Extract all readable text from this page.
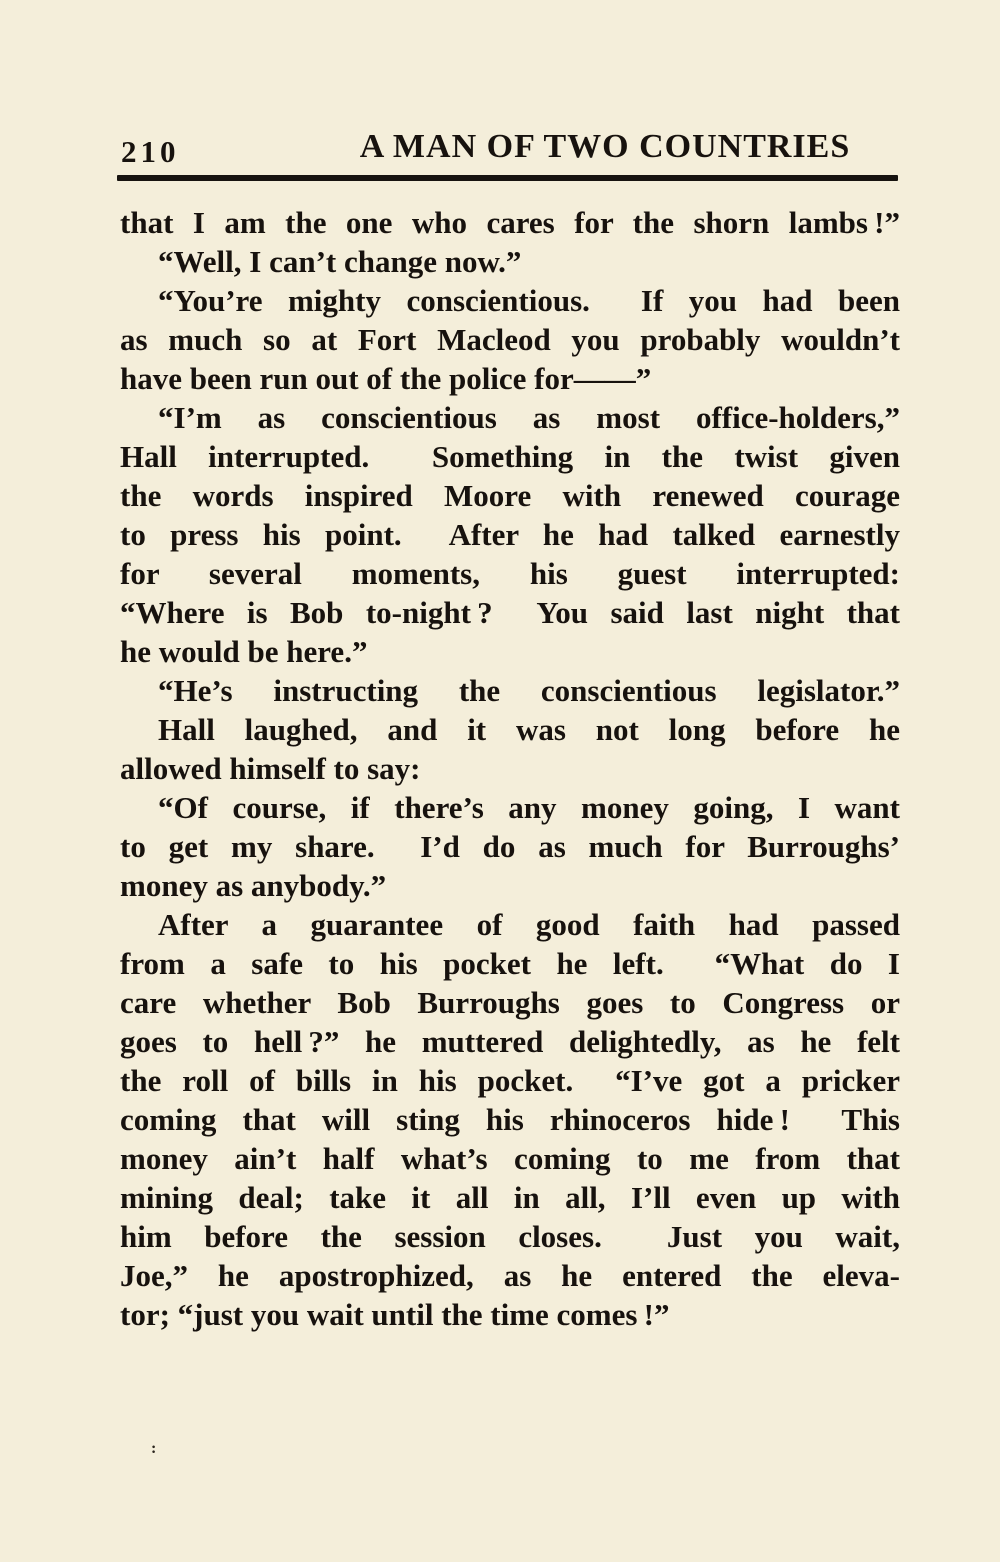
210	A MAN OF TWO COUNTRIES
that I am the one who cares for the shorn lambs !”
“Well, I can’t change now.”
“You’re mighty conscientious.  If you had been
as much so at Fort Macleod you probably wouldn’t
have been run out of the police for——”
“I’m as conscientious as most office-holders,”
Hall interrupted.  Something in the twist given
the words inspired Moore with renewed courage
to press his point.  After he had talked earnestly
for several moments, his guest interrupted:
“Where is Bob to-night ?  You said last night that
he would be here.”
“He’s instructing the conscientious legislator.”
Hall laughed, and it was not long before he
allowed himself to say:
“Of course, if there’s any money going, I want
to get my share.  I’d do as much for Burroughs’
money as anybody.”
After a guarantee of good faith had passed
from a safe to his pocket he left.  “What do I
care whether Bob Burroughs goes to Congress or
goes to hell ?” he muttered delightedly, as he felt
the roll of bills in his pocket.  “I’ve got a pricker
coming that will sting his rhinoceros hide !  This
money ain’t half what’s coming to me from that
mining deal; take it all in all, I’ll even up with
him before the session closes.  Just you wait,
Joe,” he apostrophized, as he entered the eleva-
tor; “just you wait until the time comes !”
:
